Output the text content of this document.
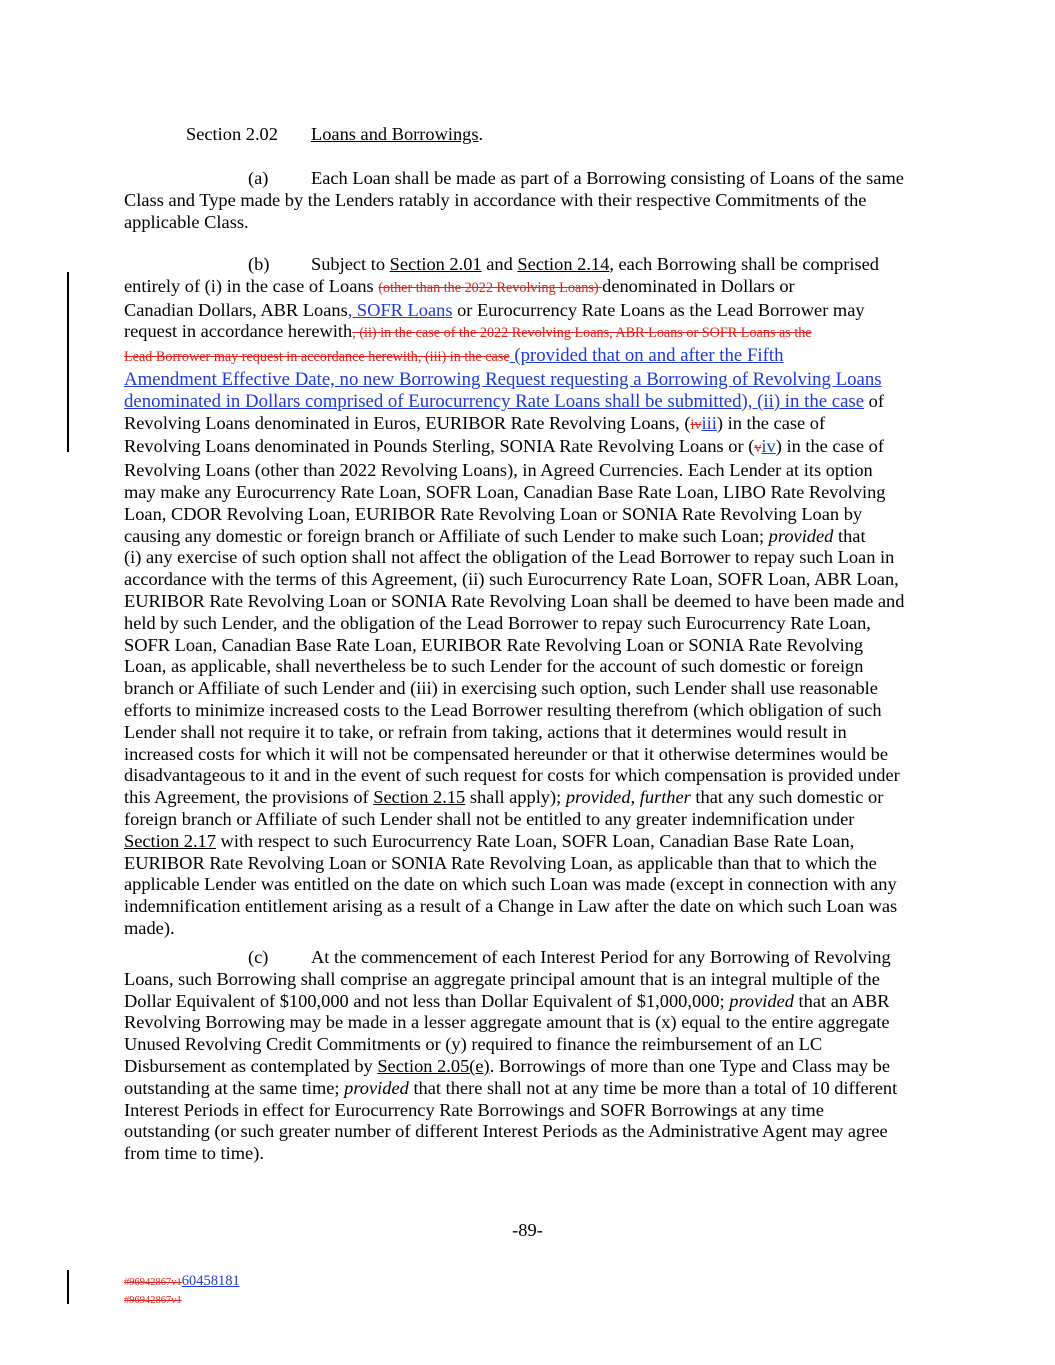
Section 2.02 Loans and Borrowings.
(a) Each Loan shall be made as part of a Borrowing consisting of Loans of the same
Class and Type made by the Lenders ratably in accordance with their respective Commitments of the
applicable Class.
(b) Subject to Section 2.01 and Section 2.14, each Borrowing shall be comprised
entirely of (i) in the case of Loans (other than the 2022 Revolving Loans) denominated in Dollars or
Canadian Dollars, ABR Loans, SOFR Loans or Eurocurrency Rate Loans as the Lead Borrower may
request in accordance herewith, (ii) in the case of the 2022 Revolving Loans, ABR Loans or SOFR Loans as the
Lead Borrower may request in accordance herewith, (iii) in the case (provided that on and after the Fifth
Amendment Effective Date, no new Borrowing Request requesting a Borrowing of Revolving Loans
denominated in Dollars comprised of Eurocurrency Rate Loans shall be submitted), (ii) in the case of
Revolving Loans denominated in Euros, EURIBOR Rate Revolving Loans, (iviii) in the case of
Revolving Loans denominated in Pounds Sterling, SONIA Rate Revolving Loans or (viv) in the case of
Revolving Loans (other than 2022 Revolving Loans), in Agreed Currencies. Each Lender at its option
may make any Eurocurrency Rate Loan, SOFR Loan, Canadian Base Rate Loan, LIBO Rate Revolving
Loan, CDOR Revolving Loan, EURIBOR Rate Revolving Loan or SONIA Rate Revolving Loan by
causing any domestic or foreign branch or Affiliate of such Lender to make such Loan; provided that
(i) any exercise of such option shall not affect the obligation of the Lead Borrower to repay such Loan in
accordance with the terms of this Agreement, (ii) such Eurocurrency Rate Loan, SOFR Loan, ABR Loan,
EURIBOR Rate Revolving Loan or SONIA Rate Revolving Loan shall be deemed to have been made and
held by such Lender, and the obligation of the Lead Borrower to repay such Eurocurrency Rate Loan,
SOFR Loan, Canadian Base Rate Loan, EURIBOR Rate Revolving Loan or SONIA Rate Revolving
Loan, as applicable, shall nevertheless be to such Lender for the account of such domestic or foreign
branch or Affiliate of such Lender and (iii) in exercising such option, such Lender shall use reasonable
efforts to minimize increased costs to the Lead Borrower resulting therefrom (which obligation of such
Lender shall not require it to take, or refrain from taking, actions that it determines would result in
increased costs for which it will not be compensated hereunder or that it otherwise determines would be
disadvantageous to it and in the event of such request for costs for which compensation is provided under
this Agreement, the provisions of Section 2.15 shall apply); provided, further that any such domestic or
foreign branch or Affiliate of such Lender shall not be entitled to any greater indemnification under
Section 2.17 with respect to such Eurocurrency Rate Loan, SOFR Loan, Canadian Base Rate Loan,
EURIBOR Rate Revolving Loan or SONIA Rate Revolving Loan, as applicable than that to which the
applicable Lender was entitled on the date on which such Loan was made (except in connection with any
indemnification entitlement arising as a result of a Change in Law after the date on which such Loan was
made).
(c) At the commencement of each Interest Period for any Borrowing of Revolving
Loans, such Borrowing shall comprise an aggregate principal amount that is an integral multiple of the
Dollar Equivalent of $100,000 and not less than Dollar Equivalent of $1,000,000; provided that an ABR
Revolving Borrowing may be made in a lesser aggregate amount that is (x) equal to the entire aggregate
Unused Revolving Credit Commitments or (y) required to finance the reimbursement of an LC
Disbursement as contemplated by Section 2.05(e). Borrowings of more than one Type and Class may be
outstanding at the same time; provided that there shall not at any time be more than a total of 10 different
Interest Periods in effect for Eurocurrency Rate Borrowings and SOFR Borrowings at any time
outstanding (or such greater number of different Interest Periods as the Administrative Agent may agree
from time to time).
-89-
#96942867v160458181
#96942867v1
